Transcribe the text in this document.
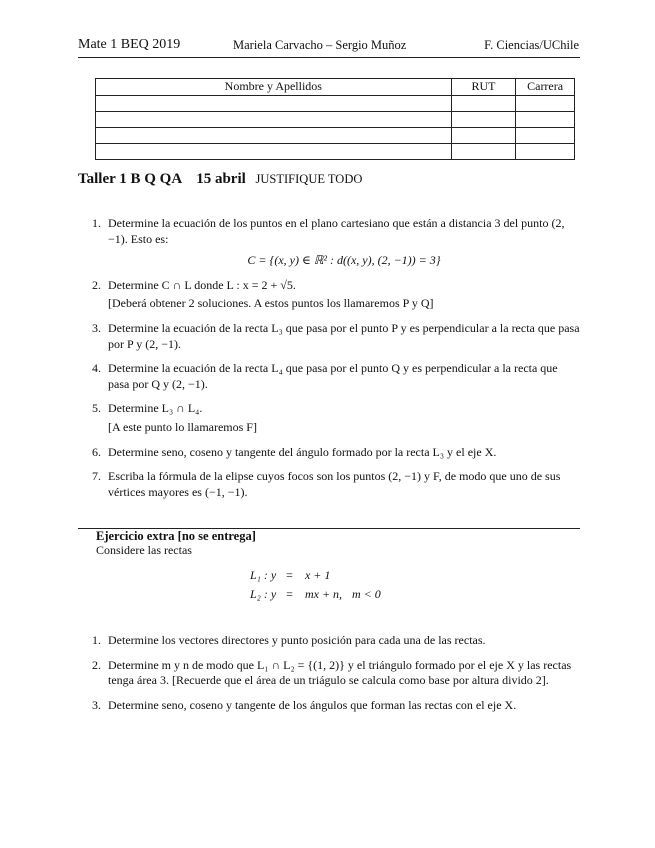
Mate 1 BEQ 2019	Mariela Carvacho – Sergio Muñoz	F. Ciencias/UChile
Nombre y Apellidos	RUT	Carrera

Taller 1 B Q QA 15 abril JUSTIFIQUE TODO
1. Determine la ecuación de los puntos en el plano cartesiano que están a distancia 3 del punto (2, −1). Esto es:
C = {(x, y) ∈ ℝ² : d((x, y), (2, −1)) = 3}
2. Determine C ∩ L donde L : x = 2 + √5.
[Deberá obtener 2 soluciones. A estos puntos los llamaremos P y Q]
3. Determine la ecuación de la recta L₃ que pasa por el punto P y es perpendicular a la recta que pasa por P y (2, −1).
4. Determine la ecuación de la recta L₄ que pasa por el punto Q y es perpendicular a la recta que pasa por Q y (2, −1).
5. Determine L₃ ∩ L₄.
[A este punto lo llamaremos F]
6. Determine seno, coseno y tangente del ángulo formado por la recta L₃ y el eje X.
7. Escriba la fórmula de la elipse cuyos focos son los puntos (2, −1) y F, de modo que uno de sus vértices mayores es (−1, −1).
Ejercicio extra [no se entrega]
Considere las rectas
L₁ : y	=	x + 1	
L₂ : y	=	mx + n,	m < 0
1. Determine los vectores directores y punto posición para cada una de las rectas.
2. Determine m y n de modo que L₁ ∩ L₂ = {(1, 2)} y el triángulo formado por el eje X y las rectas tenga área 3. [Recuerde que el área de un triágulo se calcula como base por altura divido 2].
3. Determine seno, coseno y tangente de los ángulos que forman las rectas con el eje X.
